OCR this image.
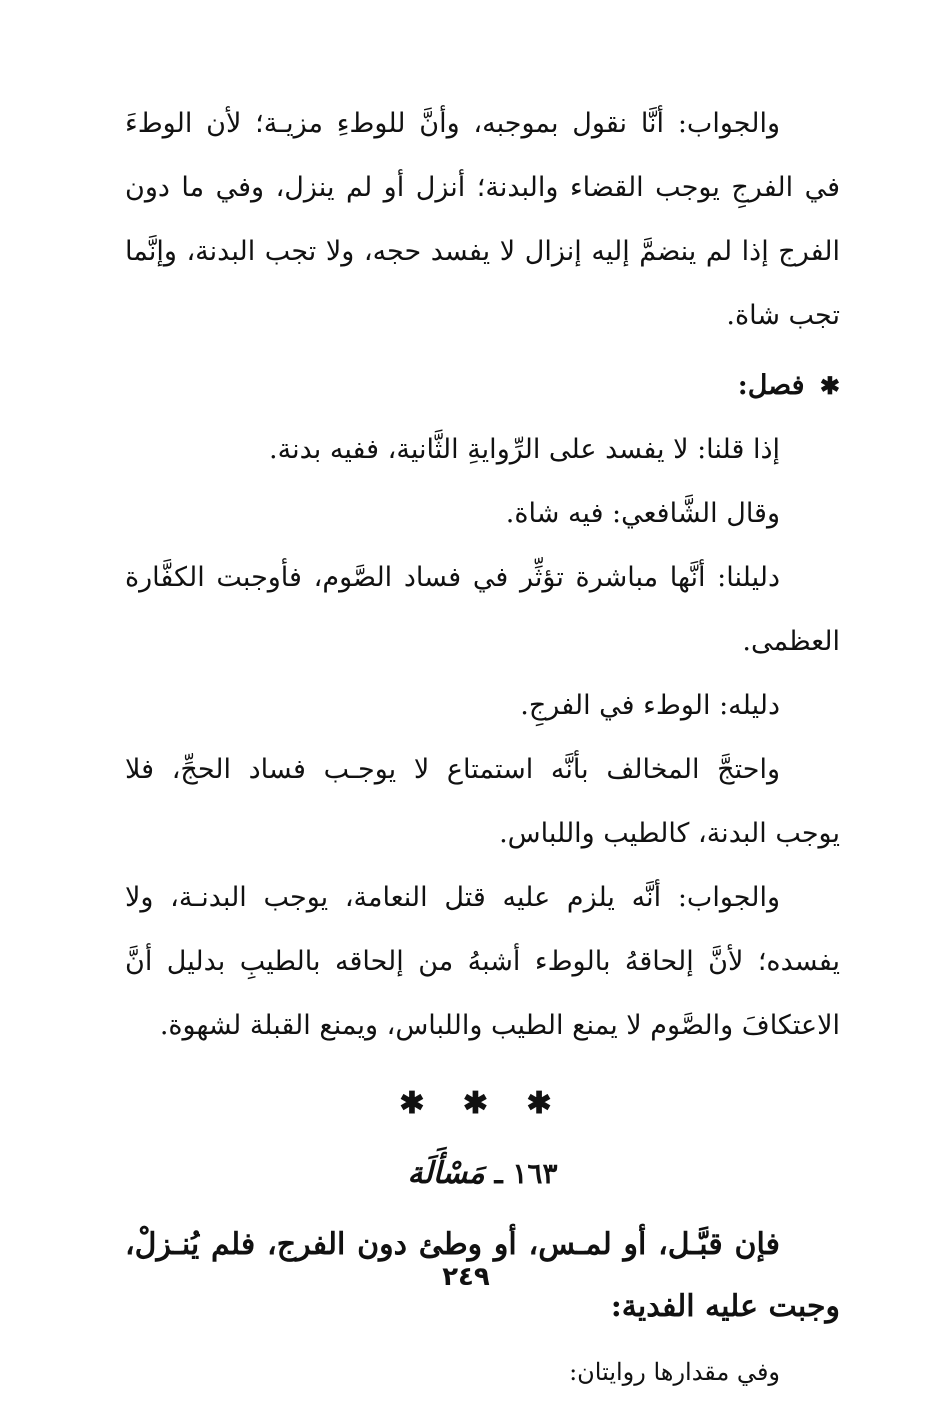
والجواب: أنَّا نقول بموجبه، وأنَّ للوطءِ مزيـة؛ لأن الوطءَ في الفرجِ يوجب القضاء والبدنة؛ أنزل أو لم ينزل، وفي ما دون الفرج إذا لم ينضمَّ إليه إنزال لا يفسد حجه، ولا تجب البدنة، وإنَّما تجب شاة.

✱ فصل:

إذا قلنا: لا يفسد على الرِّوايةِ الثَّانية، ففيه بدنة.

وقال الشَّافعي: فيه شاة.

دليلنا: أنَّها مباشرة تؤثِّر في فساد الصَّوم، فأوجبت الكفَّارة العظمى.

دليله: الوطء في الفرجِ.

واحتجَّ المخالف بأنَّه استمتاع لا يوجـب فساد الحجِّ، فلا يوجب البدنة، كالطيب واللباس.

والجواب: أنَّه يلزم عليه قتل النعامة، يوجب البدنـة، ولا يفسده؛ لأنَّ إلحاقهُ بالوطء أشبهُ من إلحاقه بالطيبِ بدليل أنَّ الاعتكافَ والصَّوم لا يمنع الطيب واللباس، ويمنع القبلة لشهوة.

✱ ✱ ✱
١٦٣ ـ مَسْأَلَة

فإن قبَّـل، أو لمـس، أو وطئ دون الفرج، فلم يُنـزلْ، وجبت عليه الفدية:

وفي مقدارها روايتان:

٢٤٩
